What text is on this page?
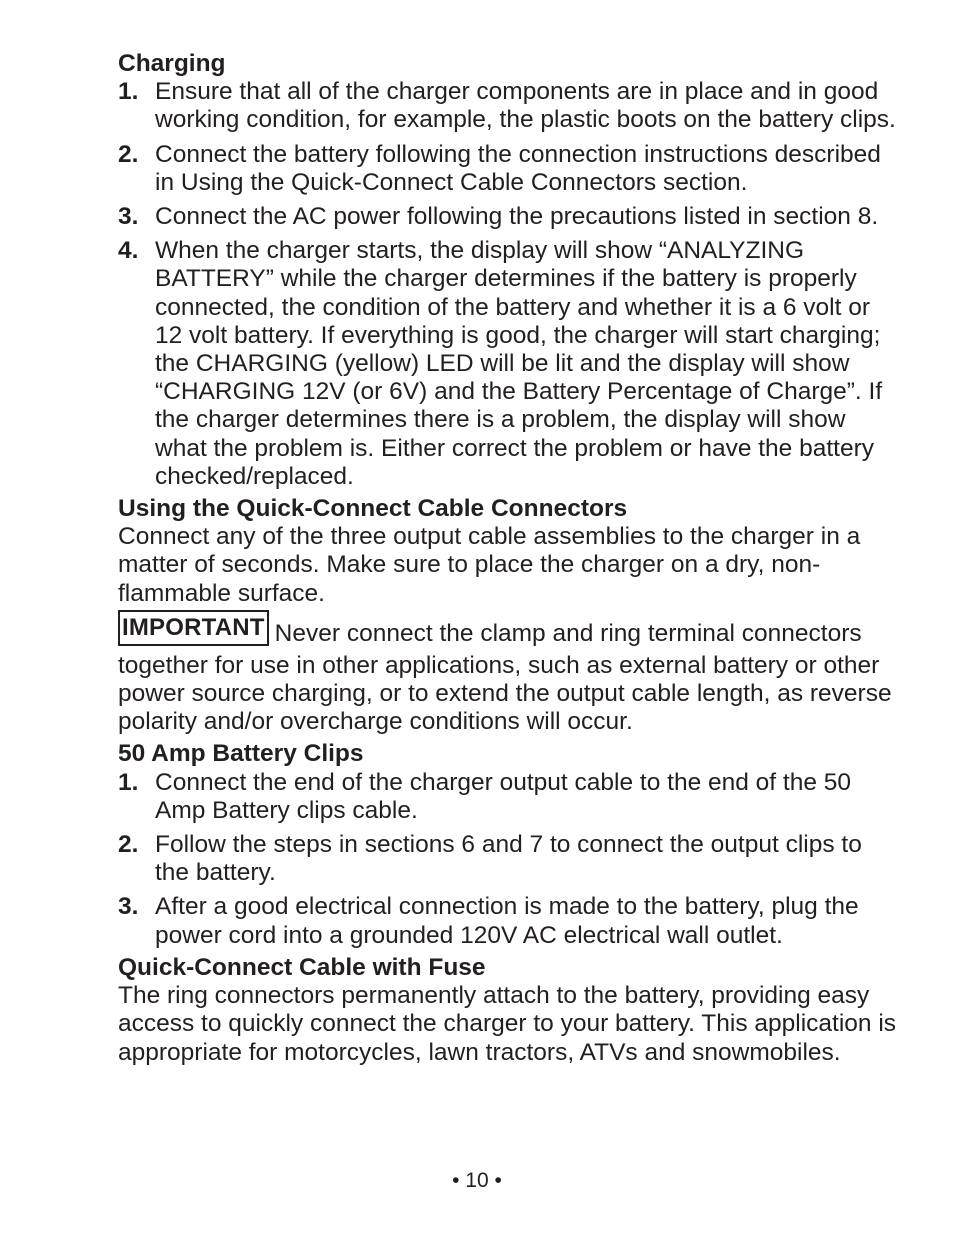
Charging

1. Ensure that all of the charger components are in place and in good working condition, for example, the plastic boots on the battery clips.
2. Connect the battery following the connection instructions described in Using the Quick-Connect Cable Connectors section.
3. Connect the AC power following the precautions listed in section 8.
4. When the charger starts, the display will show “ANALYZING BATTERY” while the charger determines if the battery is properly connected, the condition of the battery and whether it is a 6 volt or 12 volt battery. If everything is good, the charger will start charging; the CHARGING (yellow) LED will be lit and the display will show “CHARGING 12V (or 6V) and the Battery Percentage of Charge”. If the charger determines there is a problem, the display will show what the problem is. Either correct the problem or have the battery checked/replaced.

Using the Quick-Connect Cable Connectors

Connect any of the three output cable assemblies to the charger in a matter of seconds. Make sure to place the charger on a dry, non-flammable surface.

IMPORTANT Never connect the clamp and ring terminal connectors together for use in other applications, such as external battery or other power source charging, or to extend the output cable length, as reverse polarity and/or overcharge conditions will occur.

50 Amp Battery Clips

1. Connect the end of the charger output cable to the end of the 50 Amp Battery clips cable.
2. Follow the steps in sections 6 and 7 to connect the output clips to the battery.
3. After a good electrical connection is made to the battery, plug the power cord into a grounded 120V AC electrical wall outlet.

Quick-Connect Cable with Fuse

The ring connectors permanently attach to the battery, providing easy access to quickly connect the charger to your battery. This application is appropriate for motorcycles, lawn tractors, ATVs and snowmobiles.

• 10 •
